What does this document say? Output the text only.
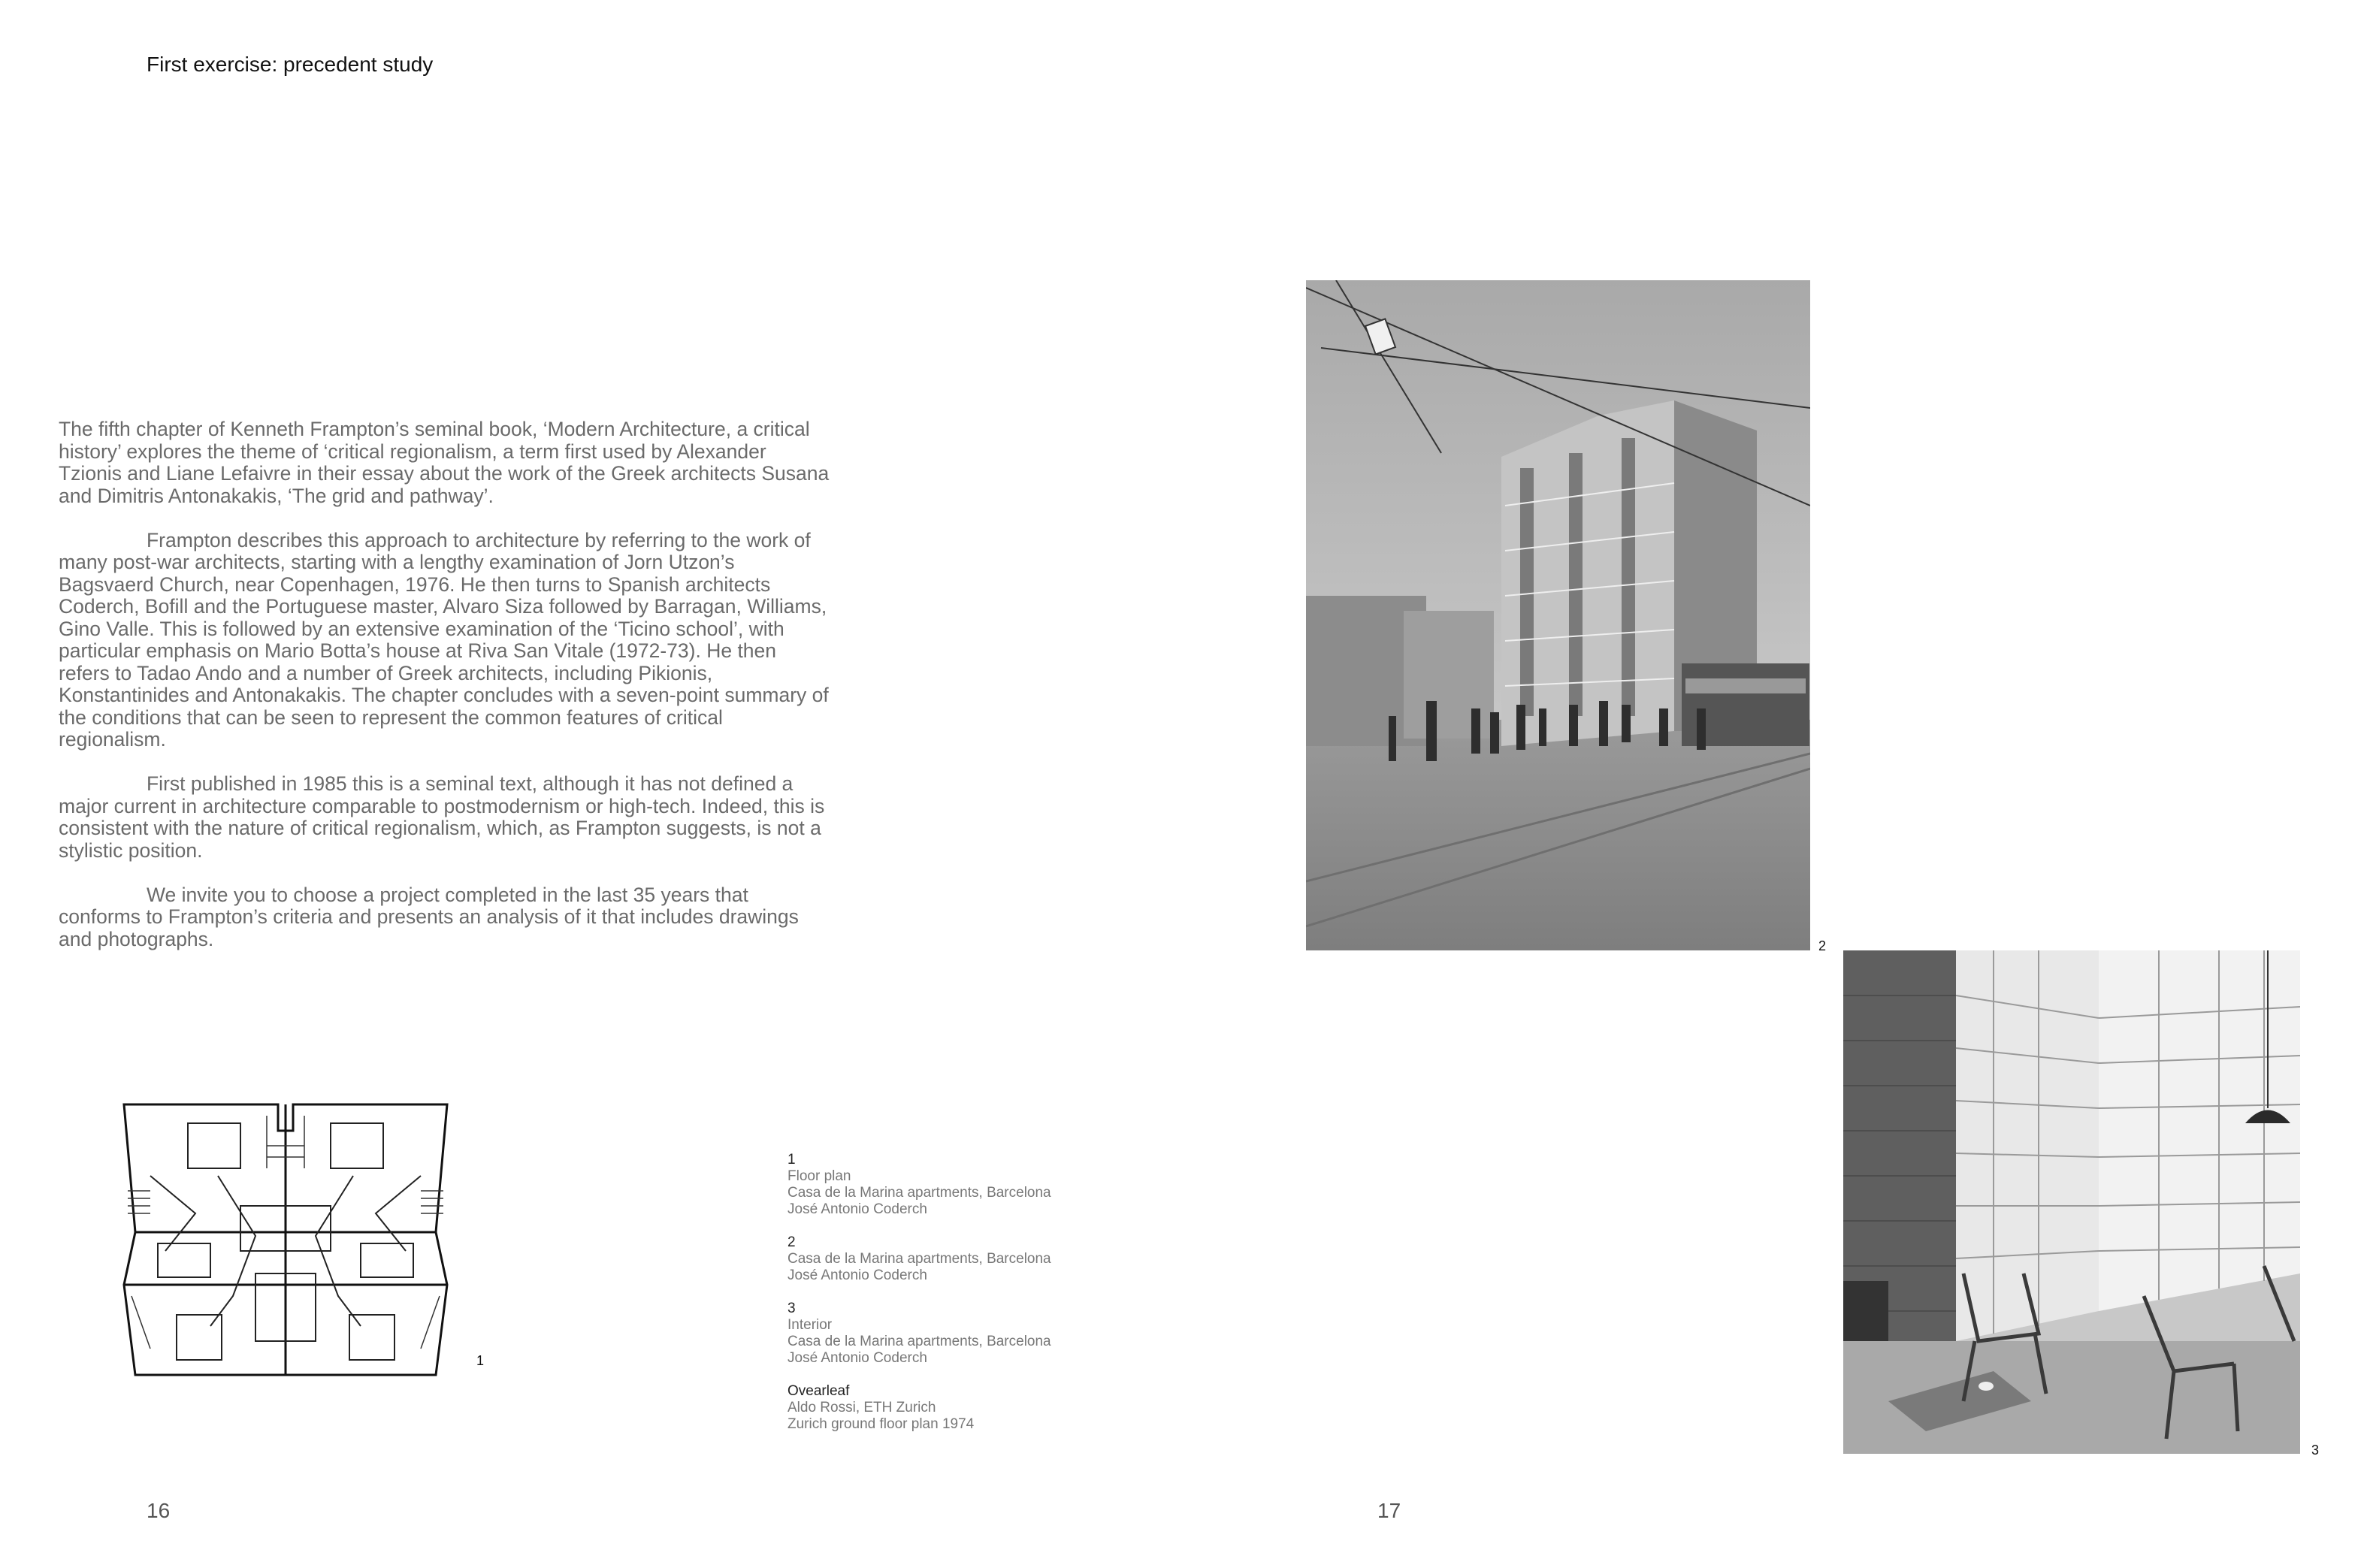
First exercise: precedent study

The fifth chapter of Kenneth Frampton’s seminal book, ‘Modern Architecture, a critical history’ explores the theme of ‘critical regionalism, a term first used by Alexander Tzionis and Liane Lefaivre in their essay about the work of the Greek architects Susana and Dimitris Antonakakis, ‘The grid and pathway’.

Frampton describes this approach to architecture by referring to the work of many post-war architects, starting with a lengthy examination of Jorn Utzon’s Bagsvaerd Church, near Copenhagen, 1976. He then turns to Spanish architects Coderch, Bofill and the Portuguese master, Alvaro Siza followed by Barragan, Williams, Gino Valle. This is followed by an extensive examination of the ‘Ticino school’, with particular emphasis on Mario Botta’s house at Riva San Vitale (1972-73). He then refers to Tadao Ando and a number of Greek architects, including Pikionis, Konstantinides and Antonakakis. The chapter concludes with a seven-point summary of the conditions that can be seen to represent the common features of critical regionalism.

First published in 1985 this is a seminal text, although it has not defined a major current in architecture comparable to postmodernism or high-tech. Indeed, this is consistent with the nature of critical regionalism, which, as Frampton suggests, is not a stylistic position.

We invite you to choose a project completed in the last 35 years that conforms to Frampton’s criteria and presents an analysis of it that includes drawings and photographs.

1
2
3
1
Floor plan
Casa de la Marina apartments, Barcelona
José Antonio Coderch
2
Casa de la Marina apartments, Barcelona
José Antonio Coderch
3
Interior
Casa de la Marina apartments, Barcelona
José Antonio Coderch
Ovearleaf
Aldo Rossi, ETH Zurich
Zurich ground floor plan 1974
16	17
